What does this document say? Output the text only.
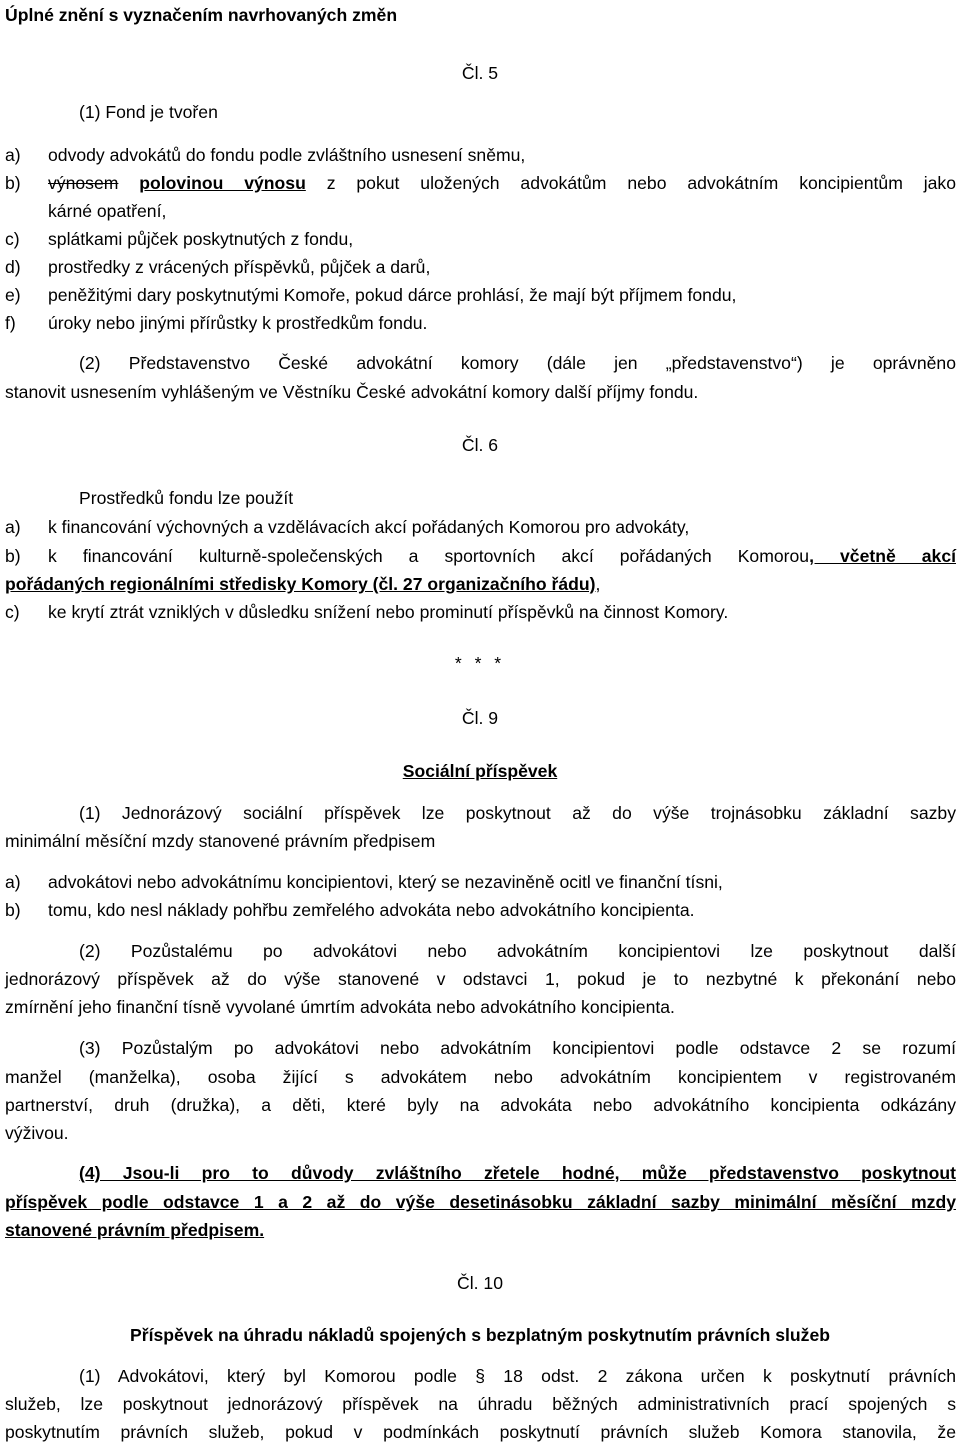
Úplné znění s vyznačením navrhovaných změn
Čl. 5
(1) Fond je tvořen
a) odvody advokátů do fondu podle zvláštního usnesení sněmu,
b) výnosem polovinou výnosu z pokut uložených advokátům nebo advokátním koncipientům jako
kárné opatření,
c) splátkami půjček poskytnutých z fondu,
d) prostředky z vrácených příspěvků, půjček a darů,
e) peněžitými dary poskytnutými Komoře, pokud dárce prohlásí, že mají být příjmem fondu,
f) úroky nebo jinými přírůstky k prostředkům fondu.
(2) Představenstvo České advokátní komory (dále jen „představenstvo“) je oprávněno
stanovit usnesením vyhlášeným ve Věstníku České advokátní komory další příjmy fondu.
Čl. 6
Prostředků fondu lze použít
a) k financování výchovných a vzdělávacích akcí pořádaných Komorou pro advokáty,
b) k financování kulturně-společenských a sportovních akcí pořádaných Komorou, včetně akcí
pořádaných regionálními středisky Komory (čl. 27 organizačního řádu),
c) ke krytí ztrát vzniklých v důsledku snížení nebo prominutí příspěvků na činnost Komory.
* * *
Čl. 9
Sociální příspěvek
(1) Jednorázový sociální příspěvek lze poskytnout až do výše trojnásobku základní sazby
minimální měsíční mzdy stanovené právním předpisem
a) advokátovi nebo advokátnímu koncipientovi, který se nezaviněně ocitl ve finanční tísni,
b) tomu, kdo nesl náklady pohřbu zemřelého advokáta nebo advokátního koncipienta.
(2) Pozůstalému po advokátovi nebo advokátním koncipientovi lze poskytnout další
jednorázový příspěvek až do výše stanovené v odstavci 1, pokud je to nezbytné k překonání nebo
zmírnění jeho finanční tísně vyvolané úmrtím advokáta nebo advokátního koncipienta.
(3) Pozůstalým po advokátovi nebo advokátním koncipientovi podle odstavce 2 se rozumí
manžel (manželka), osoba žijící s advokátem nebo advokátním koncipientem v registrovaném
partnerství, druh (družka), a děti, které byly na advokáta nebo advokátního koncipienta odkázány
výživou.
(4) Jsou-li pro to důvody zvláštního zřetele hodné, může představenstvo poskytnout
příspěvek podle odstavce 1 a 2 až do výše desetinásobku základní sazby minimální měsíční mzdy
stanovené právním předpisem.
Čl. 10
Příspěvek na úhradu nákladů spojených s bezplatným poskytnutím právních služeb
(1) Advokátovi, který byl Komorou podle § 18 odst. 2 zákona určen k poskytnutí právních
služeb, lze poskytnout jednorázový příspěvek na úhradu běžných administrativních prací spojených s
poskytnutím právních služeb, pokud v podmínkách poskytnutí právních služeb Komora stanovila, že
